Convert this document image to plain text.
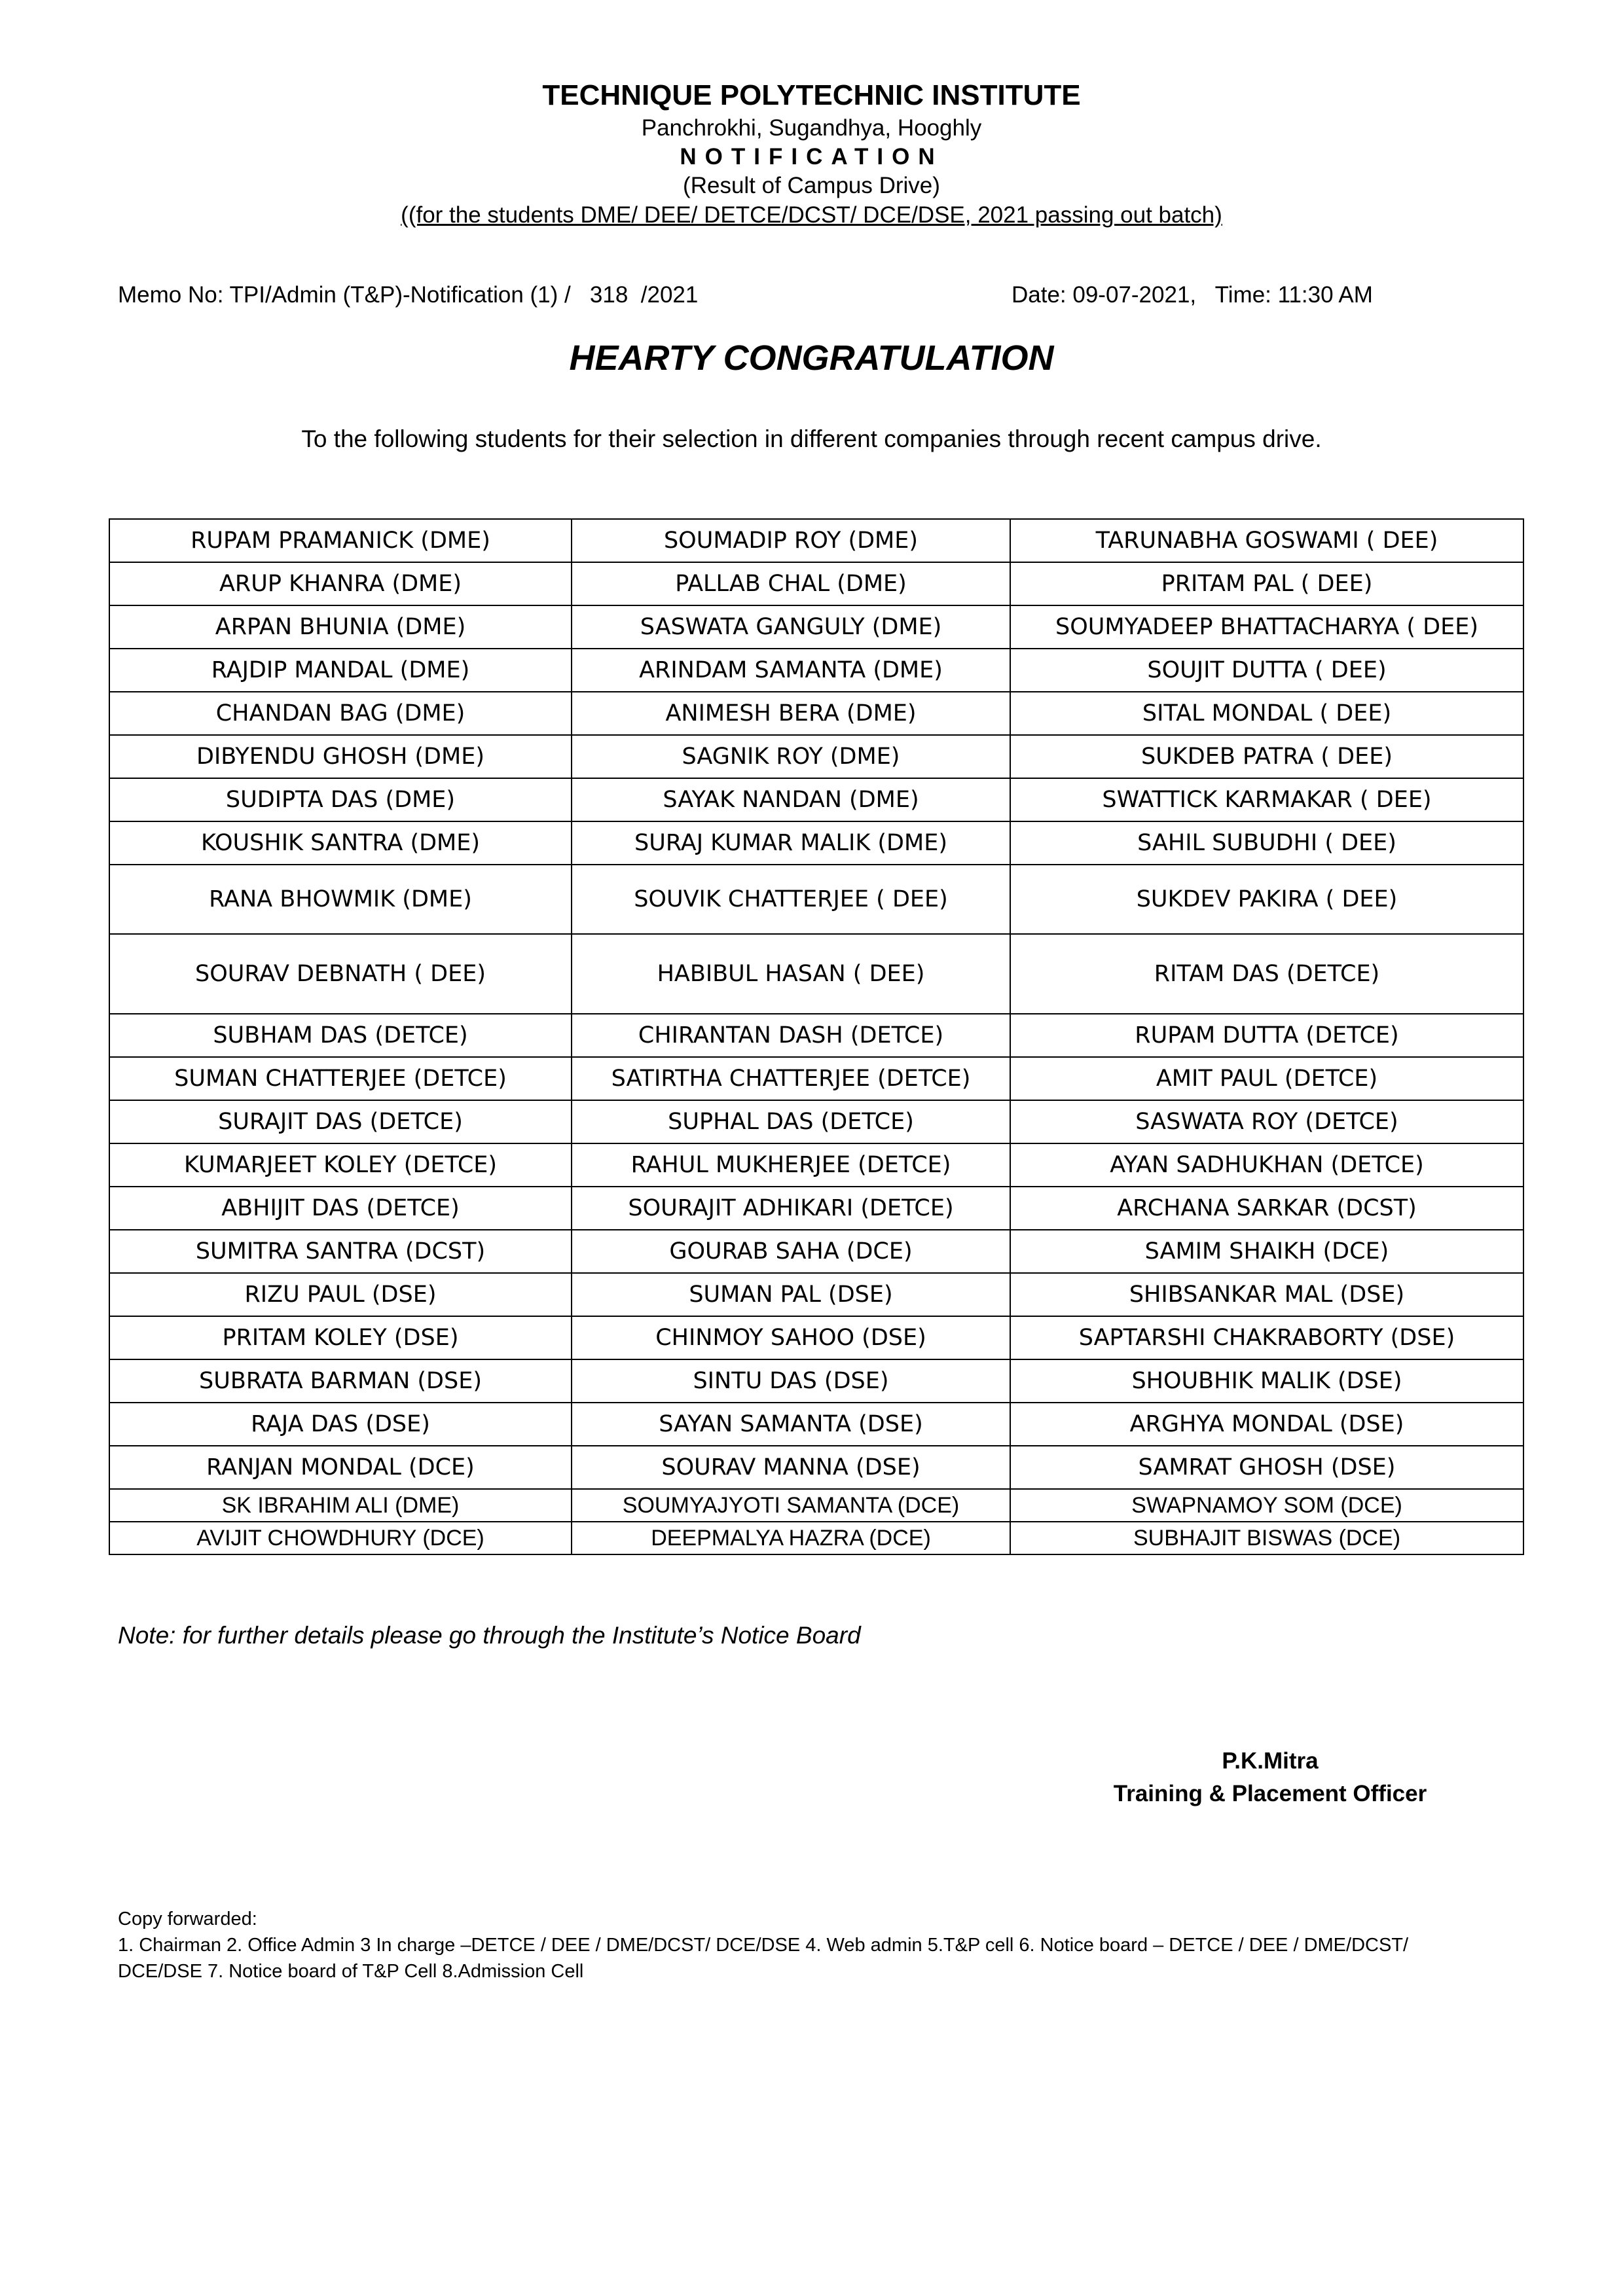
TECHNIQUE POLYTECHNIC INSTITUTE
Panchrokhi, Sugandhya, Hooghly
NOTIFICATION
(Result of Campus Drive)
((for the students DME/ DEE/ DETCE/DCST/ DCE/DSE, 2021 passing out batch)
Memo No: TPI/Admin (T&P)-Notification (1) /   318  /2021	Date: 09-07-2021,   Time: 11:30 AM
HEARTY CONGRATULATION
To the following students for their selection in different companies through recent campus drive.
RUPAM PRAMANICK (DME)	SOUMADIP ROY (DME)	TARUNABHA GOSWAMI ( DEE)
ARUP KHANRA (DME)	PALLAB CHAL (DME)	PRITAM PAL ( DEE)
ARPAN BHUNIA (DME)	SASWATA GANGULY (DME)	SOUMYADEEP BHATTACHARYA ( DEE)
RAJDIP MANDAL (DME)	ARINDAM SAMANTA (DME)	SOUJIT DUTTA ( DEE)
CHANDAN BAG (DME)	ANIMESH BERA (DME)	SITAL MONDAL ( DEE)
DIBYENDU GHOSH (DME)	SAGNIK ROY (DME)	SUKDEB PATRA ( DEE)
SUDIPTA DAS (DME)	SAYAK NANDAN (DME)	SWATTICK KARMAKAR ( DEE)
KOUSHIK SANTRA (DME)	SURAJ KUMAR MALIK (DME)	SAHIL SUBUDHI ( DEE)
RANA BHOWMIK (DME)	SOUVIK CHATTERJEE ( DEE)	SUKDEV PAKIRA ( DEE)
SOURAV DEBNATH ( DEE)	HABIBUL HASAN ( DEE)	RITAM DAS (DETCE)
SUBHAM DAS (DETCE)	CHIRANTAN DASH (DETCE)	RUPAM DUTTA (DETCE)
SUMAN CHATTERJEE (DETCE)	SATIRTHA CHATTERJEE (DETCE)	AMIT PAUL (DETCE)
SURAJIT DAS (DETCE)	SUPHAL DAS (DETCE)	SASWATA ROY (DETCE)
KUMARJEET KOLEY (DETCE)	RAHUL MUKHERJEE (DETCE)	AYAN SADHUKHAN (DETCE)
ABHIJIT DAS (DETCE)	SOURAJIT ADHIKARI (DETCE)	ARCHANA SARKAR (DCST)
SUMITRA SANTRA (DCST)	GOURAB SAHA (DCE)	SAMIM SHAIKH (DCE)
RIZU PAUL (DSE)	SUMAN PAL (DSE)	SHIBSANKAR MAL (DSE)
PRITAM KOLEY (DSE)	CHINMOY SAHOO (DSE)	SAPTARSHI CHAKRABORTY (DSE)
SUBRATA BARMAN (DSE)	SINTU DAS (DSE)	SHOUBHIK MALIK (DSE)
RAJA DAS (DSE)	SAYAN SAMANTA (DSE)	ARGHYA MONDAL (DSE)
RANJAN MONDAL (DCE)	SOURAV MANNA (DSE)	SAMRAT GHOSH (DSE)
SK IBRAHIM ALI (DME)	SOUMYAJYOTI SAMANTA (DCE)	SWAPNAMOY SOM (DCE)
AVIJIT CHOWDHURY (DCE)	DEEPMALYA HAZRA (DCE)	SUBHAJIT BISWAS (DCE)
Note: for further details please go through the Institute’s Notice Board
P.K.Mitra
Training & Placement Officer
Copy forwarded:
1. Chairman 2. Office Admin 3 In charge –DETCE / DEE / DME/DCST/ DCE/DSE 4. Web admin 5.T&P cell 6. Notice board – DETCE / DEE / DME/DCST/
DCE/DSE 7. Notice board of T&P Cell 8.Admission Cell
